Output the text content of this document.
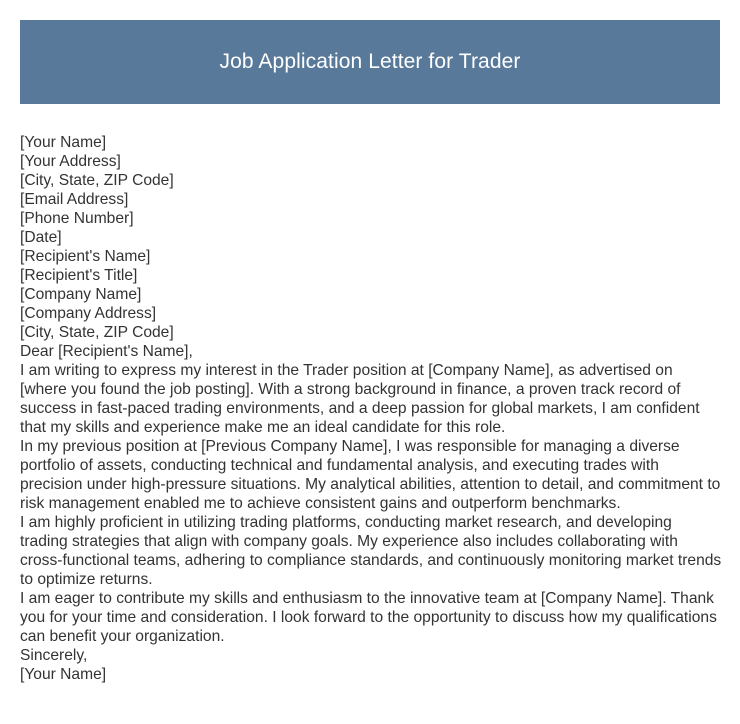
Job Application Letter for Trader
[Your Name]
[Your Address]
[City, State, ZIP Code]
[Email Address]
[Phone Number]
[Date]
[Recipient's Name]
[Recipient's Title]
[Company Name]
[Company Address]
[City, State, ZIP Code]
Dear [Recipient's Name],
I am writing to express my interest in the Trader position at [Company Name], as advertised on [where you found the job posting]. With a strong background in finance, a proven track record of success in fast-paced trading environments, and a deep passion for global markets, I am confident that my skills and experience make me an ideal candidate for this role.
In my previous position at [Previous Company Name], I was responsible for managing a diverse portfolio of assets, conducting technical and fundamental analysis, and executing trades with precision under high-pressure situations. My analytical abilities, attention to detail, and commitment to risk management enabled me to achieve consistent gains and outperform benchmarks.
I am highly proficient in utilizing trading platforms, conducting market research, and developing trading strategies that align with company goals. My experience also includes collaborating with cross-functional teams, adhering to compliance standards, and continuously monitoring market trends to optimize returns.
I am eager to contribute my skills and enthusiasm to the innovative team at [Company Name]. Thank you for your time and consideration. I look forward to the opportunity to discuss how my qualifications can benefit your organization.
Sincerely,
[Your Name]
